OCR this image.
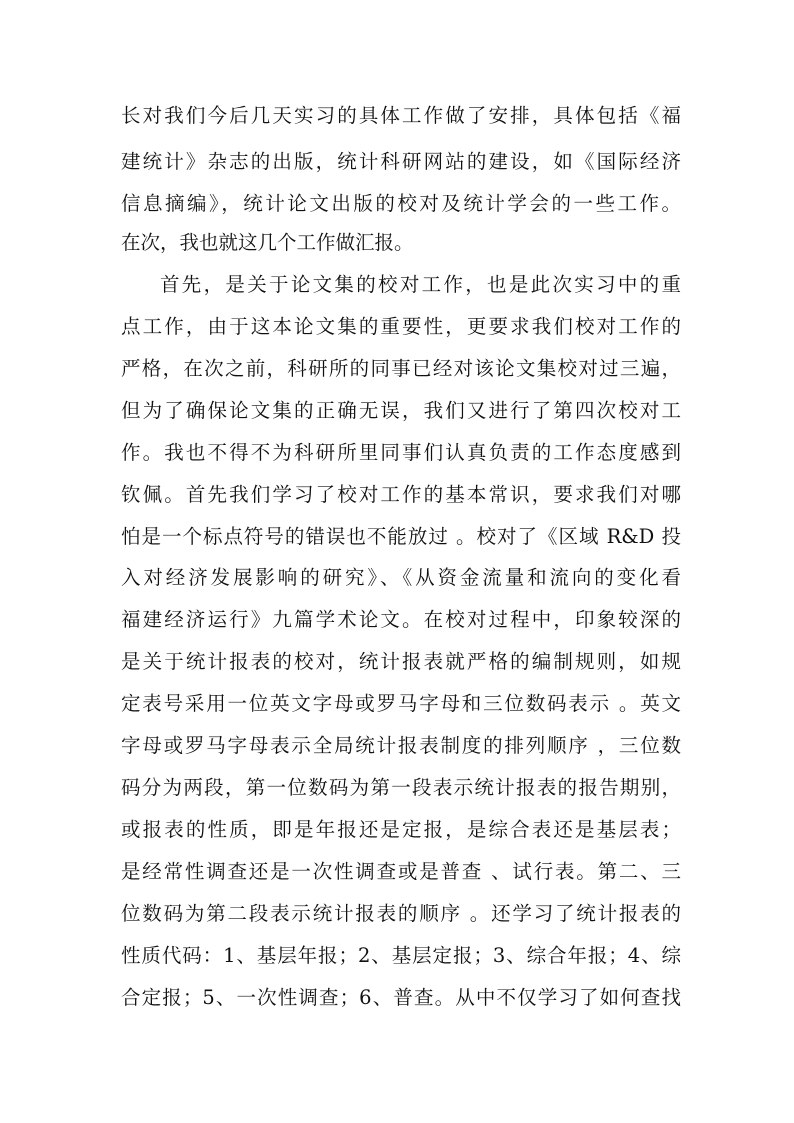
长对我们今后几天实习的具体工作做了安排，具体包括《福
建统计》杂志的出版，统计科研网站的建设，如《国际经济
信息摘编》，统计论文出版的校对及统计学会的一些工作。
在次，我也就这几个工作做汇报。
首先，是关于论文集的校对工作，也是此次实习中的重
点工作，由于这本论文集的重要性，更要求我们校对工作的
严格，在次之前，科研所的同事已经对该论文集校对过三遍，
但为了确保论文集的正确无误，我们又进行了第四次校对工
作。我也不得不为科研所里同事们认真负责的工作态度感到
钦佩。首先我们学习了校对工作的基本常识，要求我们对哪
怕是一个标点符号的错误也不能放过 。校对了《区域 R&D 投
入对经济发展影响的研究》、《从资金流量和流向的变化看
福建经济运行》九篇学术论文。在校对过程中，印象较深的
是关于统计报表的校对，统计报表就严格的编制规则，如规
定表号采用一位英文字母或罗马字母和三位数码表示 。英文
字母或罗马字母表示全局统计报表制度的排列顺序 ，三位数
码分为两段，第一位数码为第一段表示统计报表的报告期别，
或报表的性质，即是年报还是定报，是综合表还是基层表；
是经常性调查还是一次性调查或是普查 、试行表。第二、三
位数码为第二段表示统计报表的顺序 。还学习了统计报表的
性质代码：1、基层年报；2、基层定报；3、综合年报；4、综
合定报；5、一次性调查；6、普查。从中不仅学习了如何查找
